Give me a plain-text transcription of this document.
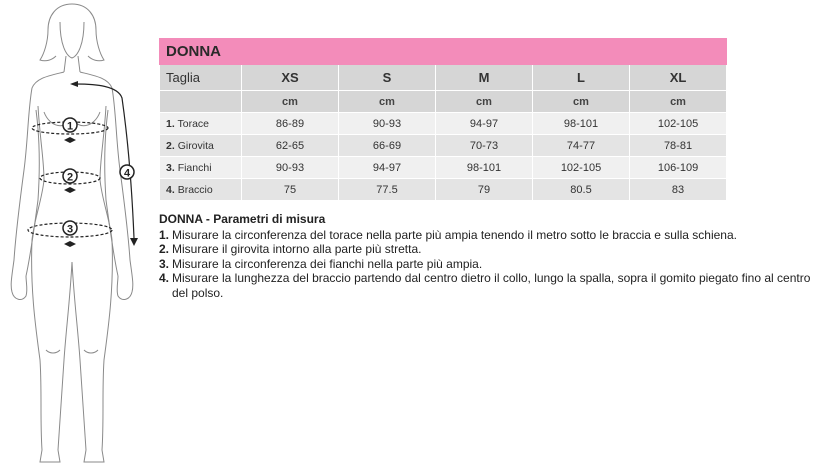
1
2
3
4
DONNA					
Taglia	XS	S	M	L	XL
	cm	cm	cm	cm	cm
1. Torace	86-89	90-93	94-97	98-101	102-105
2. Girovita	62-65	66-69	70-73	74-77	78-81
3. Fianchi	90-93	94-97	98-101	102-105	106-109
4. Braccio	75	77.5	79	80.5	83
DONNA - Parametri di misura
1. Misurare la circonferenza del torace nella parte più ampia tenendo il metro sotto le braccia e sulla schiena.
2. Misurare il girovita intorno alla parte più stretta.
3. Misurare la circonferenza dei fianchi nella parte più ampia.
4. Misurare la lunghezza del braccio partendo dal centro dietro il collo, lungo la spalla, sopra il gomito piegato fino al centro del polso.
